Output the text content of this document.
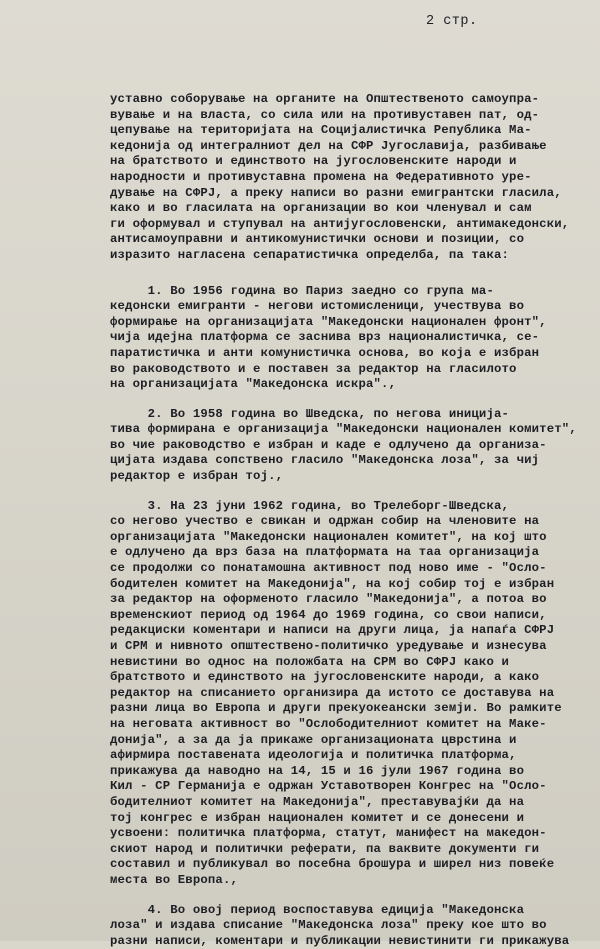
2 стр.

уставно соборување на органите на Општественото самоупра-
вување и на власта, со сила или на противуставен пат, од-
цепување на територијата на Социјалистичка Република Ма-
кедонија од интегралниот дел на СФР Југославија, разбивање
на братството и единството на југословенските народи и
народности и противуставна промена на Федеративното уре-
дување на СФРЈ, а преку написи во разни емигрантски гласила,
како и во гласилата на организации во кои членувал и сам
ги оформувал и ступувал на антијугословенски, антимакедонски,
антисамоуправни и антикомунистички основи и позиции, со
изразито нагласена сепаратистичка определба, па така:

1. Во 1956 година во Париз заедно со група ма-
кедонски емигранти - негови истомисленици, учествува во
формирање на организацијата "Македонски национален фронт",
чија идејна платформа се заснива врз националистичка, се-
паратистичка и анти комунистичка основа, во која е избран
во раководството и е поставен за редактор на гласилото
на организацијата "Македонска искра".,

2. Во 1958 година во Шведска, по негова иниција-
тива формирана е организација "Македонски национален комитет",
во чие раководство е избран и каде е одлучено да организа-
цијата издава сопствено гласило "Македонска лоза", за чиј
редактор е избран тој.,

3. На 23 јуни 1962 година, во Трелеборг-Шведска,
со негово учество е свикан и одржан собир на членовите на
организацијата "Македонски национален комитет", на кој што
е одлучено да врз база на платформата на таа организација
се продолжи со понатамошна активност под ново име - "Осло-
бодителен комитет на Македонија", на кој собир тој е избран
за редактор на оформеното гласило "Македонија", а потоа во
временскиот период од 1964 до 1969 година, со свои написи,
редакциски коментари и написи на други лица, ја напаѓа СФРЈ
и СРМ и нивното општествено-политичко уредување и изнесува
невистини во однос на положбата на СРМ во СФРЈ како и
братството и единството на југословенските народи, а како
редактор на списанието организира да истото се доставува на
разни лица во Европа и други прекуокеански земји. Во рамките
на неговата активност во "Ослободителниот комитет на Маке-
донија", а за да ја прикаже организационата цврстина и
афирмира поставената идеологија и политичка платформа,
прикажува да наводно на 14, 15 и 16 јули 1967 година во
Кил - СР Германија е одржан Уставотворен Конгрес на "Осло-
бодителниот комитет на Македонија", преставувајќи да на
тој конгрес е избран национален комитет и се донесени и
усвоени: политичка платформа, статут, манифест на македон-
скиот народ и политички реферати, па ваквите документи ги
составил и публикувал во посебна брошура и ширел низ повеќе
места во Европа.,

4. Во овој период воспоставува едиција "Македонска
лоза" и издава списание "Македонска лоза" преку кое што во
разни написи, коментари и публикации невистинити ги прикажува
